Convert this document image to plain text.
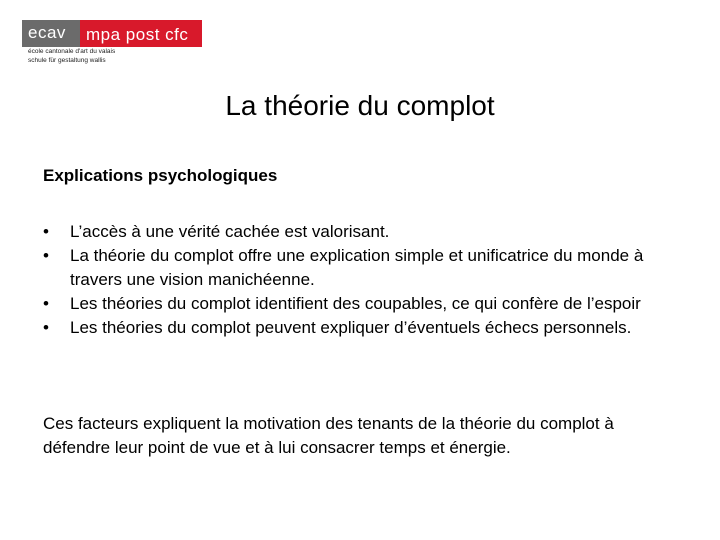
ecav	mpa post cfc
école cantonale d'art du valais
schule für gestaltung wallis
La théorie du complot
Explications psychologiques
• L’accès à une vérité cachée est valorisant.
• La théorie du complot offre une explication simple et unificatrice du monde à travers une vision manichéenne.
• Les théories du complot identifient des coupables, ce qui confère de l’espoir
• Les théories du complot peuvent expliquer d’éventuels échecs personnels.

Ces facteurs expliquent la motivation des tenants de la théorie du complot à défendre leur point de vue et à lui consacrer temps et énergie.
